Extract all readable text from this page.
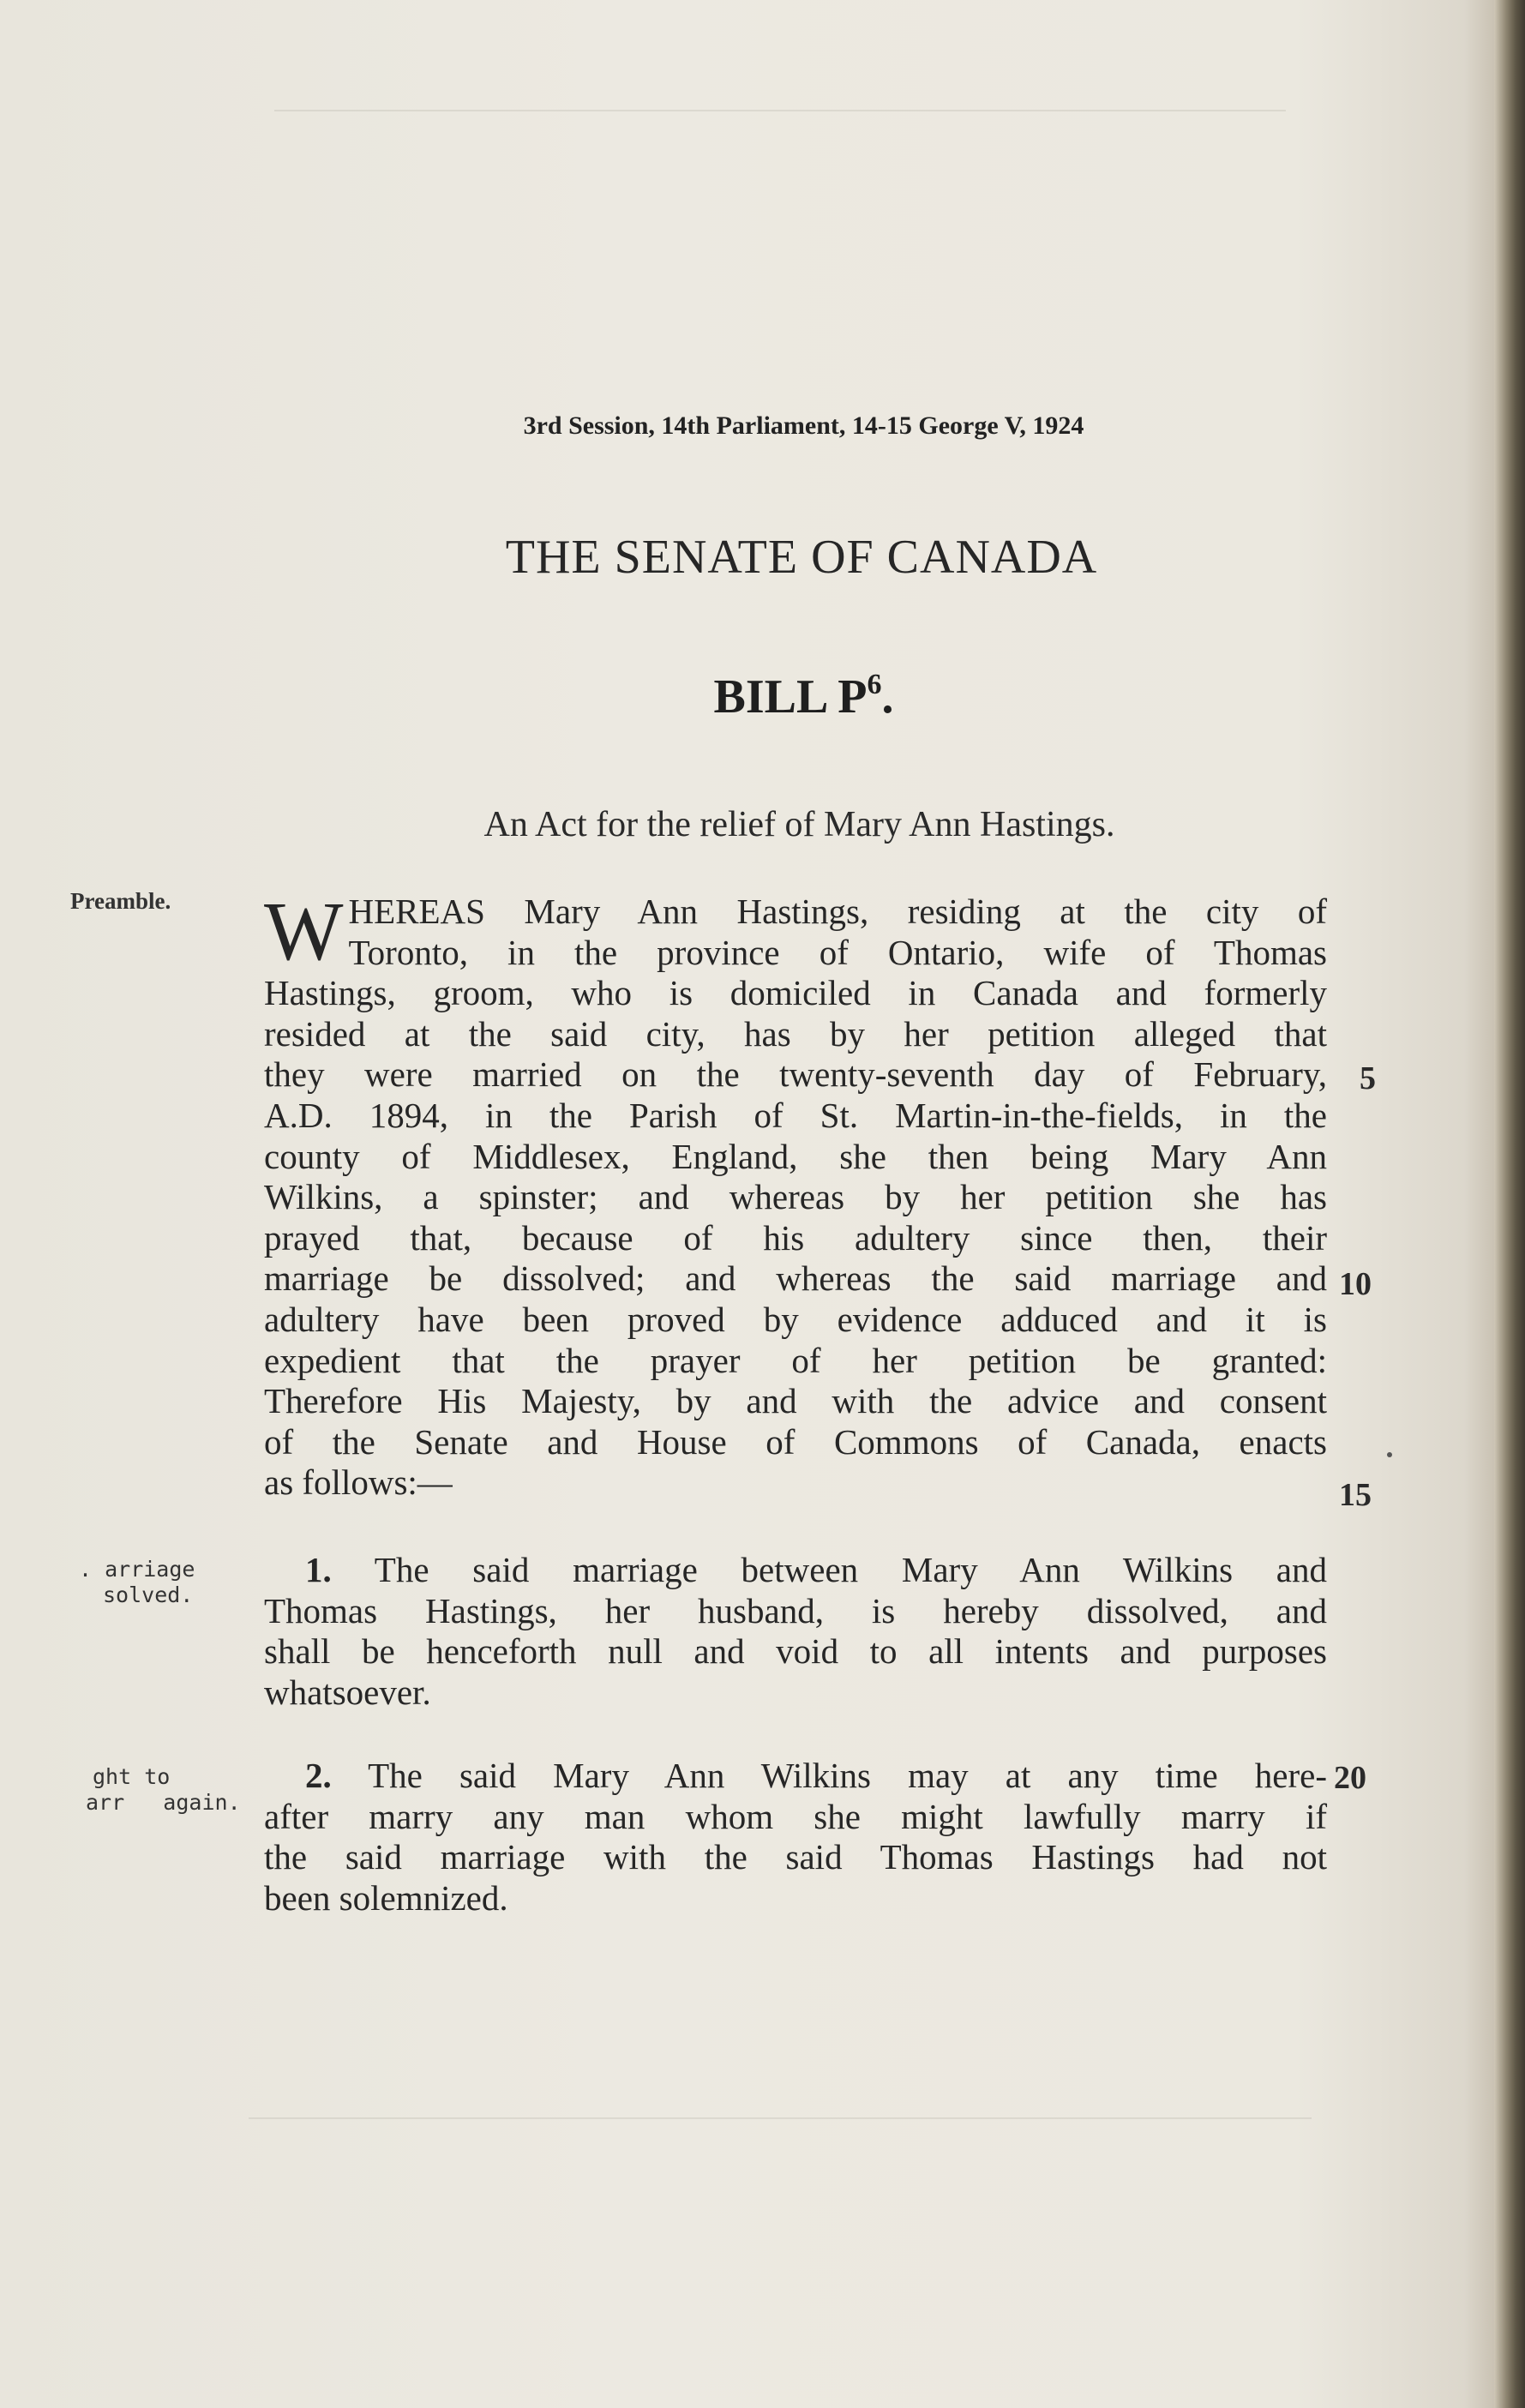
3rd Session, 14th Parliament, 14-15 George V, 1924
THE SENATE OF CANADA
BILL $P^6$.
An Act for the relief of Mary Ann Hastings.
Preamble.
. arriage
solved.
ght to
arr   again.
W HEREAS Mary Ann Hastings, residing at the city of
Toronto, in the province of Ontario, wife of Thomas
Hastings, groom, who is domiciled in Canada and formerly
resided at the said city, has by her petition alleged that
they were married on the twenty-seventh day of February,
A.D. 1894, in the Parish of St. Martin-in-the-fields, in the
county of Middlesex, England, she then being Mary Ann
Wilkins, a spinster; and whereas by her petition she has
prayed that, because of his adultery since then, their
marriage be dissolved; and whereas the said marriage and
adultery have been proved by evidence adduced and it is
expedient that the prayer of her petition be granted:
Therefore His Majesty, by and with the advice and consent
of the Senate and House of Commons of Canada, enacts
as follows:—
1. The said marriage between Mary Ann Wilkins and
Thomas Hastings, her husband, is hereby dissolved, and
shall be henceforth null and void to all intents and purposes
whatsoever.
2. The said Mary Ann Wilkins may at any time here-
after marry any man whom she might lawfully marry if
the said marriage with the said Thomas Hastings had not
been solemnized.
5
10
15
20
